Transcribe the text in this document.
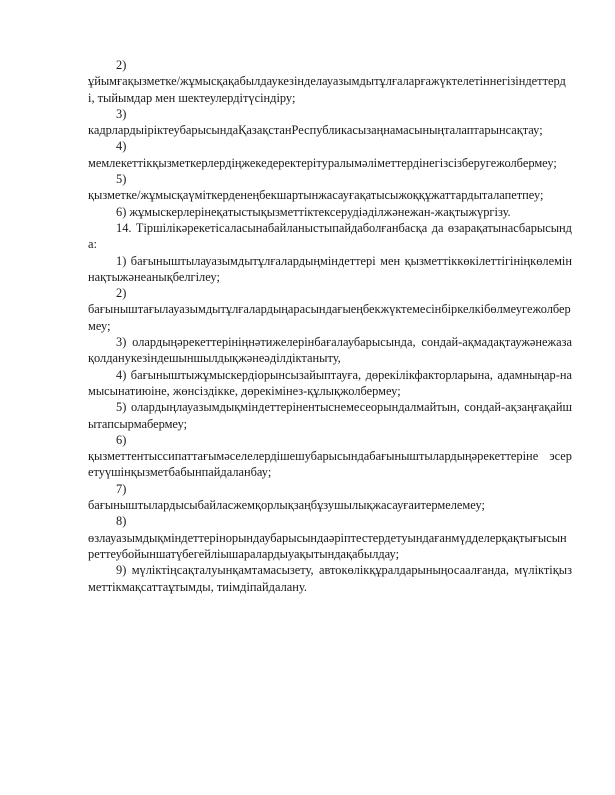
2)

ұйымғақызметке/жұмысқақабылдаукезінделауазымдытұлғаларғажүктелетіннегізіндеттерді, тыйымдар мен шектеулердітүсіндіру;

3)

кадрлардыіріктеубарысындаҚазақстанРеспубликасызаңнамасыныңталаптарынсақтау;

4)

мемлекеттікқызметкерлердіңжекедеректерітуралымәліметтердінегізсізберугежолбермеу;

5)

қызметке/жұмысқаүміткерденеңбекшартынжасауғақатысыжоққұжаттардыталапетпеу;

6) жұмыскерлерінеқатыстықызметтіктексерудіәділжәнежан-жақтыжүргізу.

14. Тіршілікәрекетісаласынабайланыстыпайдаболғанбасқа да өзарақатынасбарысында:

1) бағыныштылауазымдытұлғалардыңміндеттері мен қызметтіккөкілеттігініңкөлеміннақтыжәнеанықбелгілеу;

2)

бағыныштағылауазымдытұлғалардыңарасындағыеңбекжүктемесінбіркелкібөлмеугежолбермеу;

3) олардыңәрекеттерініңнәтижелерінбағалаубарысында, сондай-ақмадақтаужәнежазақолданукезіндешыншылдықжәнеәділдіктаныту,

4) бағыныштыжұмыскердіорынсызайыптауға, дөрекілікфакторларына, адамныңар-намысынатиюіне, жөнсіздікке, дөрекімінез-құлықжолбермеу;

5) олардыңлауазымдықміндеттерінентыснемесеорындалмайтын, сондай-ақзаңғақайшытапсырмабермеу;

6)

қызметтентыссипаттағымәселелердішешубарысындабағыныштылардыңәрекеттеріне эсер етуүшінқызметбабынпайдаланбау;

7)

бағыныштылардысыбайласжемқорлықзаңбұзушылықжасауғаитермелемеу;

8)

өзлауазымдықміндеттерінорындаубарысындаәріптестердетуындағанмүдделерқақтығысынреттеубойыншатүбегейліышаралардыуақытындақабылдау;

9) мүліктіңсақталуынқамтамасызету, автокөлікқұралдарыныңосаалғанда, мүліктіқызметтікмақсаттаұтымды, тиімдіпайдалану.
